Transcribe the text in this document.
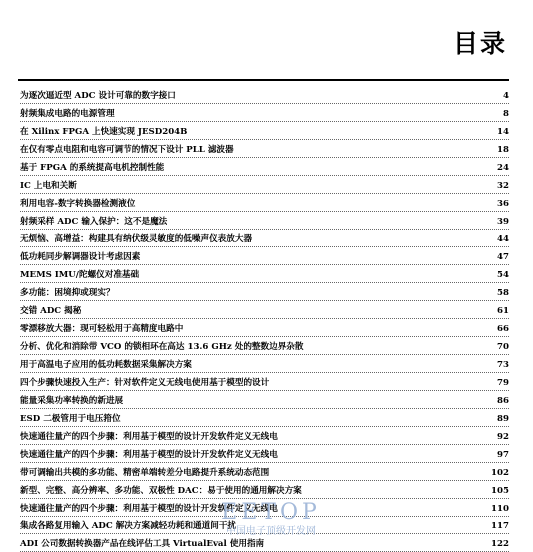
目录
为逐次逼近型 ADC 设计可靠的数字接口	4
射频集成电路的电源管理	8
在 Xilinx FPGA 上快速实现 JESD204B	14
在仅有零点电阻和电容可调节的情况下设计 PLL 滤波器	18
基于 FPGA 的系统提高电机控制性能	24
IC 上电和关断	32
利用电容-数字转换器检测液位	36
射频采样 ADC 输入保护：这不是魔法	39
无烦恼、高增益：构建具有纳伏级灵敏度的低噪声仪表放大器	44
低功耗同步解调器设计考虑因素	47
MEMS IMU/陀螺仪对准基础	54
多功能：困境抑或现实？	58
交错 ADC 揭秘	61
零漂移放大器：现可轻松用于高精度电路中	66
分析、优化和消除带 VCO 的锁相环在高达 13.6 GHz 处的整数边界杂散	70
用于高温电子应用的低功耗数据采集解决方案	73
四个步骤快速投入生产：针对软件定义无线电使用基于模型的设计	79
能量采集功率转换的新进展	86
ESD 二极管用于电压箝位	89
快速通往量产的四个步骤：利用基于模型的设计开发软件定义无线电	92
快速通往量产的四个步骤：利用基于模型的设计开发软件定义无线电	97
带可调输出共模的多功能、精密单端转差分电路提升系统动态范围	102
新型、完整、高分辨率、多功能、双极性 DAC：易于使用的通用解决方案	105
快速通往量产的四个步骤：利用基于模型的设计开发软件定义无线电	110
集成各路复用输入 ADC 解决方案减轻功耗和通道间干扰	117
ADI 公司数据转换器产品在线评估工具 VirtualEval 使用指南	122
EETOP
中国电子顶级开发网
